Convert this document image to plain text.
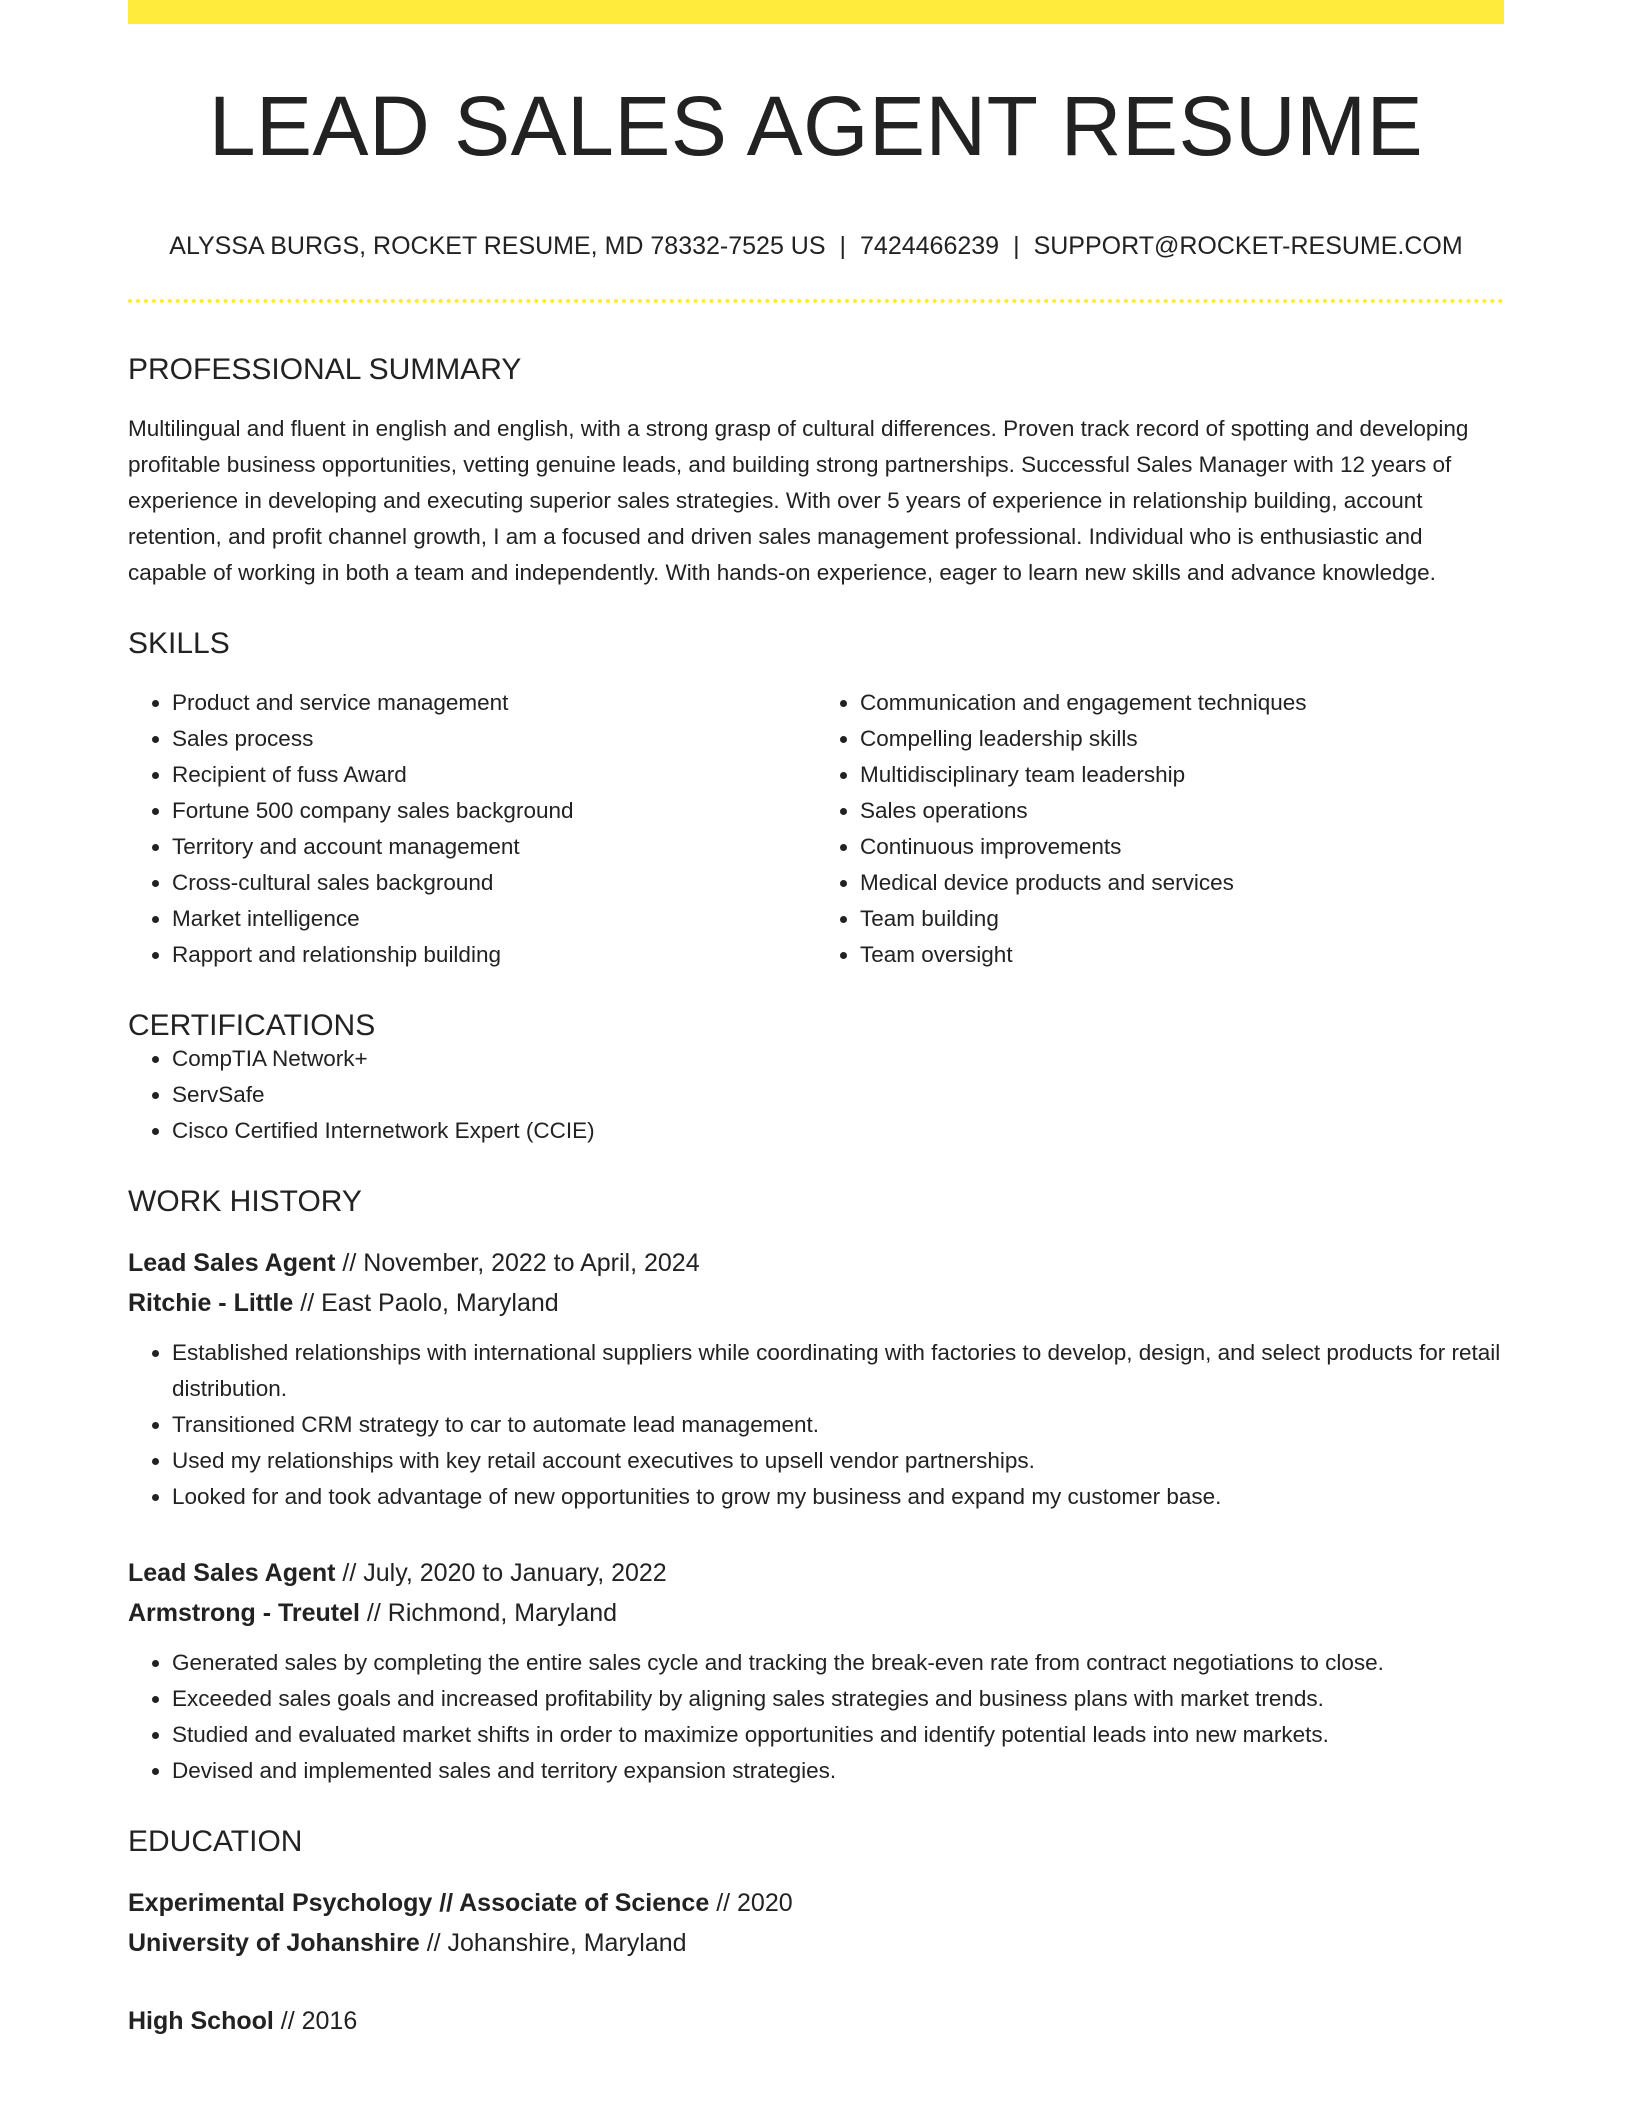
LEAD SALES AGENT RESUME
ALYSSA BURGS, ROCKET RESUME, MD 78332-7525 US | 7424466239 | SUPPORT@ROCKET-RESUME.COM
PROFESSIONAL SUMMARY
Multilingual and fluent in english and english, with a strong grasp of cultural differences. Proven track record of spotting and developing profitable business opportunities, vetting genuine leads, and building strong partnerships. Successful Sales Manager with 12 years of experience in developing and executing superior sales strategies. With over 5 years of experience in relationship building, account retention, and profit channel growth, I am a focused and driven sales management professional. Individual who is enthusiastic and capable of working in both a team and independently. With hands-on experience, eager to learn new skills and advance knowledge.
SKILLS
• Product and service management
• Sales process
• Recipient of fuss Award
• Fortune 500 company sales background
• Territory and account management
• Cross-cultural sales background
• Market intelligence
• Rapport and relationship building
• Communication and engagement techniques
• Compelling leadership skills
• Multidisciplinary team leadership
• Sales operations
• Continuous improvements
• Medical device products and services
• Team building
• Team oversight
CERTIFICATIONS
• CompTIA Network+
• ServSafe
• Cisco Certified Internetwork Expert (CCIE)
WORK HISTORY
Lead Sales Agent // November, 2022 to April, 2024
Ritchie - Little // East Paolo, Maryland
• Established relationships with international suppliers while coordinating with factories to develop, design, and select products for retail distribution.
• Transitioned CRM strategy to car to automate lead management.
• Used my relationships with key retail account executives to upsell vendor partnerships.
• Looked for and took advantage of new opportunities to grow my business and expand my customer base.
Lead Sales Agent // July, 2020 to January, 2022
Armstrong - Treutel // Richmond, Maryland
• Generated sales by completing the entire sales cycle and tracking the break-even rate from contract negotiations to close.
• Exceeded sales goals and increased profitability by aligning sales strategies and business plans with market trends.
• Studied and evaluated market shifts in order to maximize opportunities and identify potential leads into new markets.
• Devised and implemented sales and territory expansion strategies.
EDUCATION
Experimental Psychology // Associate of Science // 2020
University of Johanshire // Johanshire, Maryland
High School // 2016
